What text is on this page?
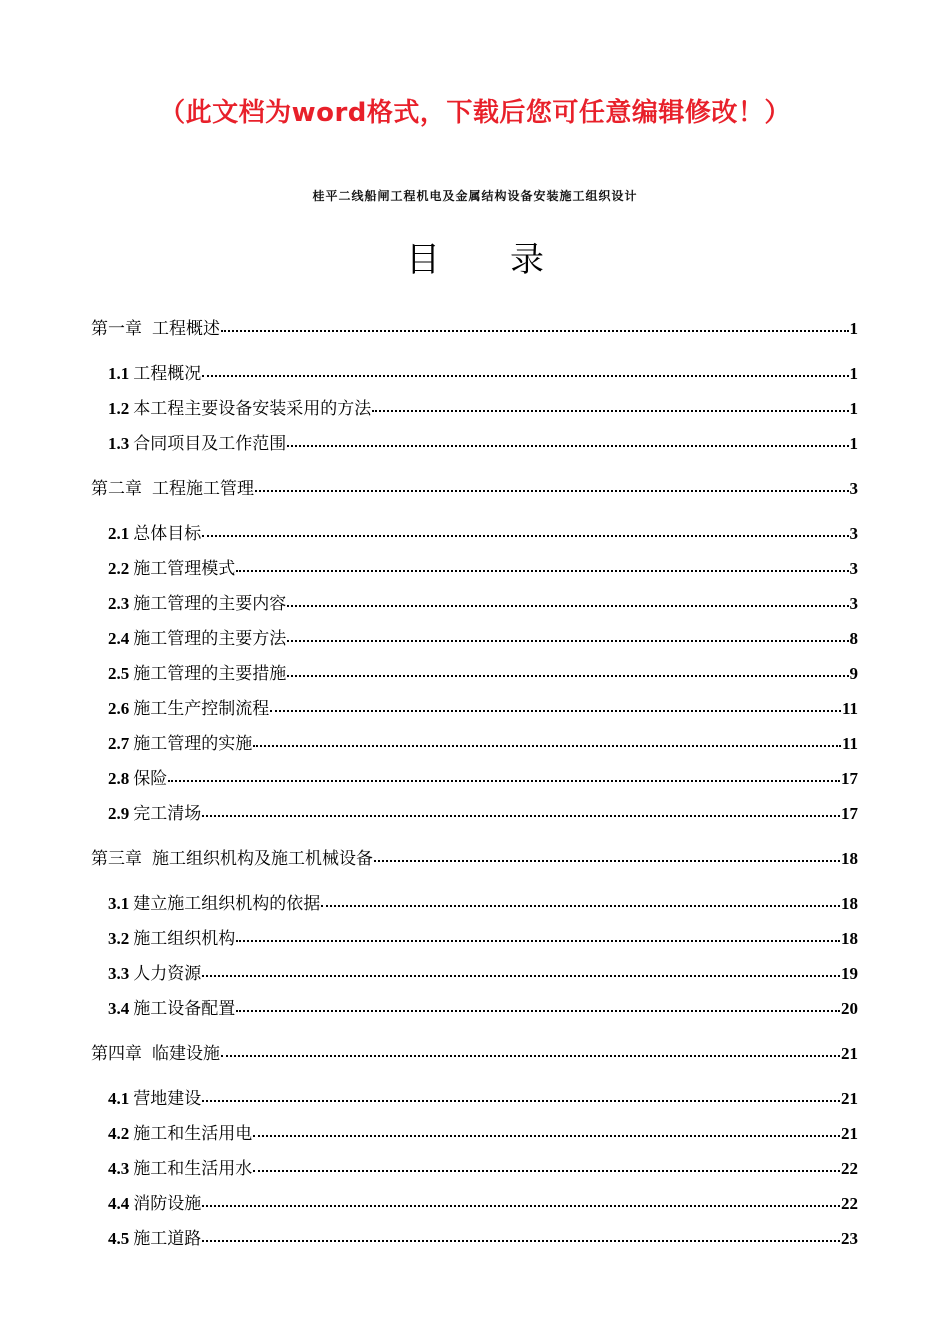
（此文档为word格式，下载后您可任意编辑修改！）
桂平二线船闸工程机电及金属结构设备安装施工组织设计
目录
第一章 工程概述	1
1.1 工程概况	1
1.2 本工程主要设备安装采用的方法	1
1.3 合同项目及工作范围	1
第二章 工程施工管理	3
2.1 总体目标	3
2.2 施工管理模式	3
2.3 施工管理的主要内容	3
2.4 施工管理的主要方法	8
2.5 施工管理的主要措施	9
2.6 施工生产控制流程	11
2.7 施工管理的实施	11
2.8 保险	17
2.9 完工清场	17
第三章 施工组织机构及施工机械设备	18
3.1 建立施工组织机构的依据	18
3.2 施工组织机构	18
3.3 人力资源	19
3.4 施工设备配置	20
第四章 临建设施	21
4.1 营地建设	21
4.2 施工和生活用电	21
4.3 施工和生活用水	22
4.4 消防设施	22
4.5 施工道路	23
